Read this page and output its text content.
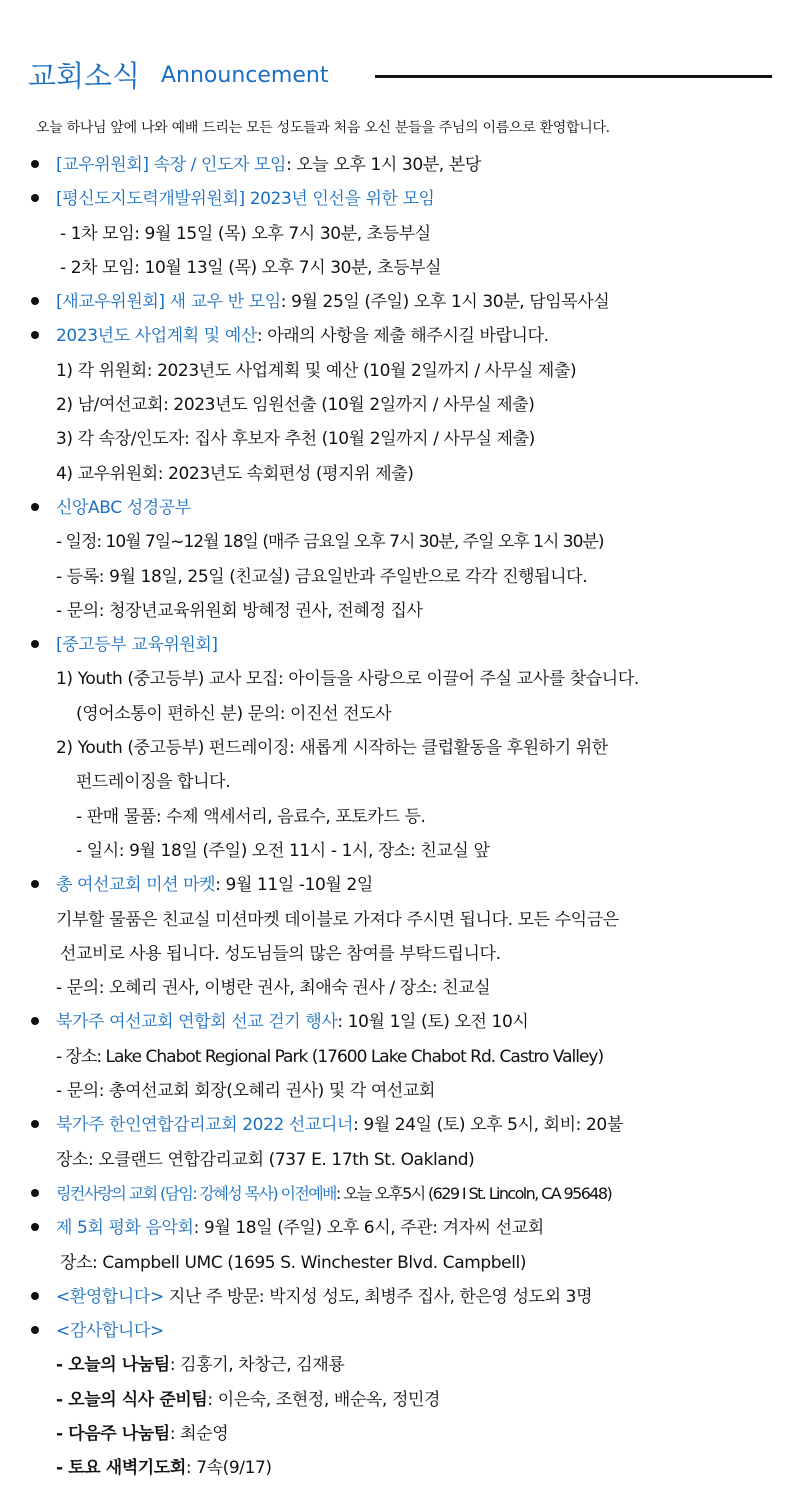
교회소식 Announcement
오늘 하나님 앞에 나와 예배 드리는 모든 성도들과 처음 오신 분들을 주님의 이름으로 환영합니다.
[교우위원회] 속장 / 인도자 모임: 오늘 오후 1시 30분, 본당
[평신도지도력개발위원회] 2023년 인선을 위한 모임
- 1차 모임: 9월 15일 (목) 오후 7시 30분, 초등부실
- 2차 모임: 10월 13일 (목) 오후 7시 30분, 초등부실
[새교우위원회] 새 교우 반 모임: 9월 25일 (주일) 오후 1시 30분, 담임목사실
2023년도 사업계획 및 예산: 아래의 사항을 제출 해주시길 바랍니다.
1) 각 위원회: 2023년도 사업계획 및 예산 (10월 2일까지 / 사무실 제출)
2) 남/여선교회: 2023년도 임원선출 (10월 2일까지 / 사무실 제출)
3) 각 속장/인도자: 집사 후보자 추천 (10월 2일까지 / 사무실 제출)
4) 교우위원회: 2023년도 속회편성 (평지위 제출)
신앙ABC 성경공부
- 일정: 10월 7일~12월 18일 (매주 금요일 오후 7시 30분, 주일 오후 1시 30분)
- 등록: 9월 18일, 25일 (친교실) 금요일반과 주일반으로 각각 진행됩니다.
- 문의: 청장년교육위원회 방혜정 권사, 전혜정 집사
[중고등부 교육위원회]
1) Youth (중고등부) 교사 모집: 아이들을 사랑으로 이끌어 주실 교사를 찾습니다.
(영어소통이 편하신 분) 문의: 이진선 전도사
2) Youth (중고등부) 펀드레이징: 새롭게 시작하는 클럽활동을 후원하기 위한
펀드레이징을 합니다.
- 판매 물품: 수제 액세서리, 음료수, 포토카드 등.
- 일시: 9월 18일 (주일) 오전 11시 - 1시, 장소: 친교실 앞
총 여선교회 미션 마켓: 9월 11일 -10월 2일
기부할 물품은 친교실 미션마켓 데이블로 가져다 주시면 됩니다. 모든 수익금은
선교비로 사용 됩니다. 성도님들의 많은 참여를 부탁드립니다.
- 문의: 오혜리 권사, 이병란 권사, 최애숙 권사 / 장소: 친교실
북가주 여선교회 연합회 선교 걷기 행사: 10월 1일 (토) 오전 10시
- 장소: Lake Chabot Regional Park (17600 Lake Chabot Rd. Castro Valley)
- 문의: 총여선교회 회장(오혜리 권사) 및 각 여선교회
북가주 한인연합감리교회 2022 선교디너: 9월 24일 (토) 오후 5시, 회비: 20불
장소: 오클랜드 연합감리교회 (737 E. 17th St. Oakland)
링컨사랑의 교회 (담임: 강혜성 목사) 이전예배: 오늘 오후5시 (629 I St. Lincoln, CA 95648)
제 5회 평화 음악회: 9월 18일 (주일) 오후 6시, 주관: 겨자씨 선교회
장소: Campbell UMC (1695 S. Winchester Blvd. Campbell)
<환영합니다> 지난 주 방문: 박지성 성도, 최병주 집사, 한은영 성도외 3명
<감사합니다>
- 오늘의 나눔팀: 김홍기, 차창근, 김재룡
- 오늘의 식사 준비팀: 이은숙, 조현정, 배순옥, 정민경
- 다음주 나눔팀: 최순영
- 토요 새벽기도회: 7속(9/17)
